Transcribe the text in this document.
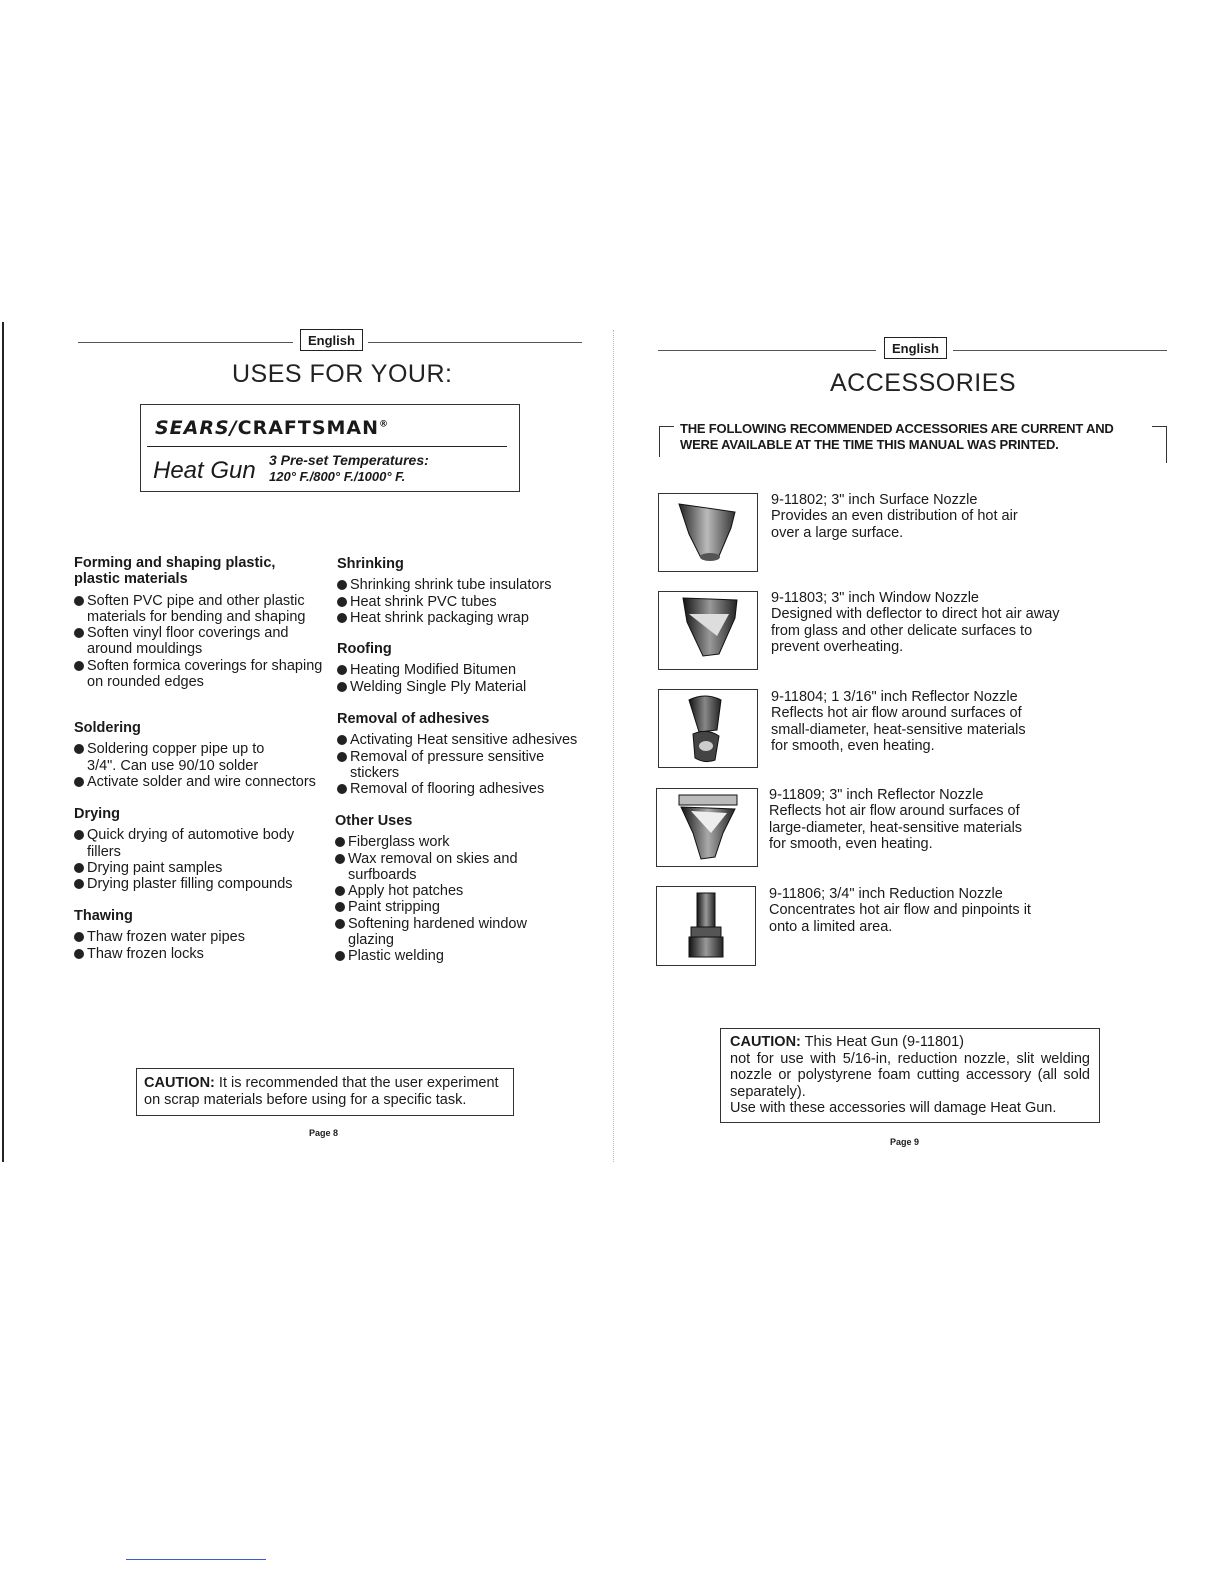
English
USES FOR YOUR:
SEARS/CRAFTSMAN®
Heat Gun 3 Pre-set Temperatures:
120° F./800° F./1000° F.
Forming and shaping plastic,
plastic materials
Soften PVC pipe and other plastic materials for bending and shaping
Soften vinyl floor coverings and around mouldings
Soften formica coverings for shaping on rounded edges
Soldering
Soldering copper pipe up to 3/4". Can use 90/10 solder
Activate solder and wire connectors
Drying
Quick drying of automotive body fillers
Drying paint samples
Drying plaster filling compounds
Thawing
Thaw frozen water pipes
Thaw frozen locks
Shrinking
Shrinking shrink tube insulators
Heat shrink PVC tubes
Heat shrink packaging wrap
Roofing
Heating Modified Bitumen
Welding Single Ply Material
Removal of adhesives
Activating Heat sensitive adhesives
Removal of pressure sensitive stickers
Removal of flooring adhesives
Other Uses
Fiberglass work
Wax removal on skies and surfboards
Apply hot patches
Paint stripping
Softening hardened window glazing
Plastic welding
CAUTION: It is recommended that the user experiment on scrap materials before using for a specific task.
Page 8
English
ACCESSORIES
THE FOLLOWING RECOMMENDED ACCESSORIES ARE CURRENT AND
WERE AVAILABLE AT THE TIME THIS MANUAL WAS PRINTED.
9-11802; 3" inch Surface Nozzle
Provides an even distribution of hot air
over a large surface.
9-11803; 3" inch Window Nozzle
Designed with deflector to direct hot air away
from glass and other delicate surfaces to
prevent overheating.
9-11804; 1 3/16" inch Reflector Nozzle
Reflects hot air flow around surfaces of
small-diameter, heat-sensitive materials
for smooth, even heating.
9-11809; 3" inch Reflector Nozzle
Reflects hot air flow around surfaces of
large-diameter, heat-sensitive materials
for smooth, even heating.
9-11806; 3/4" inch Reduction Nozzle
Concentrates hot air flow and pinpoints it
onto a limited area.
CAUTION: This Heat Gun (9-11801)
not for use with 5/16-in, reduction nozzle, slit welding nozzle or polystyrene foam cutting accessory (all sold separately).
Use with these accessories will damage Heat Gun.
Page 9
